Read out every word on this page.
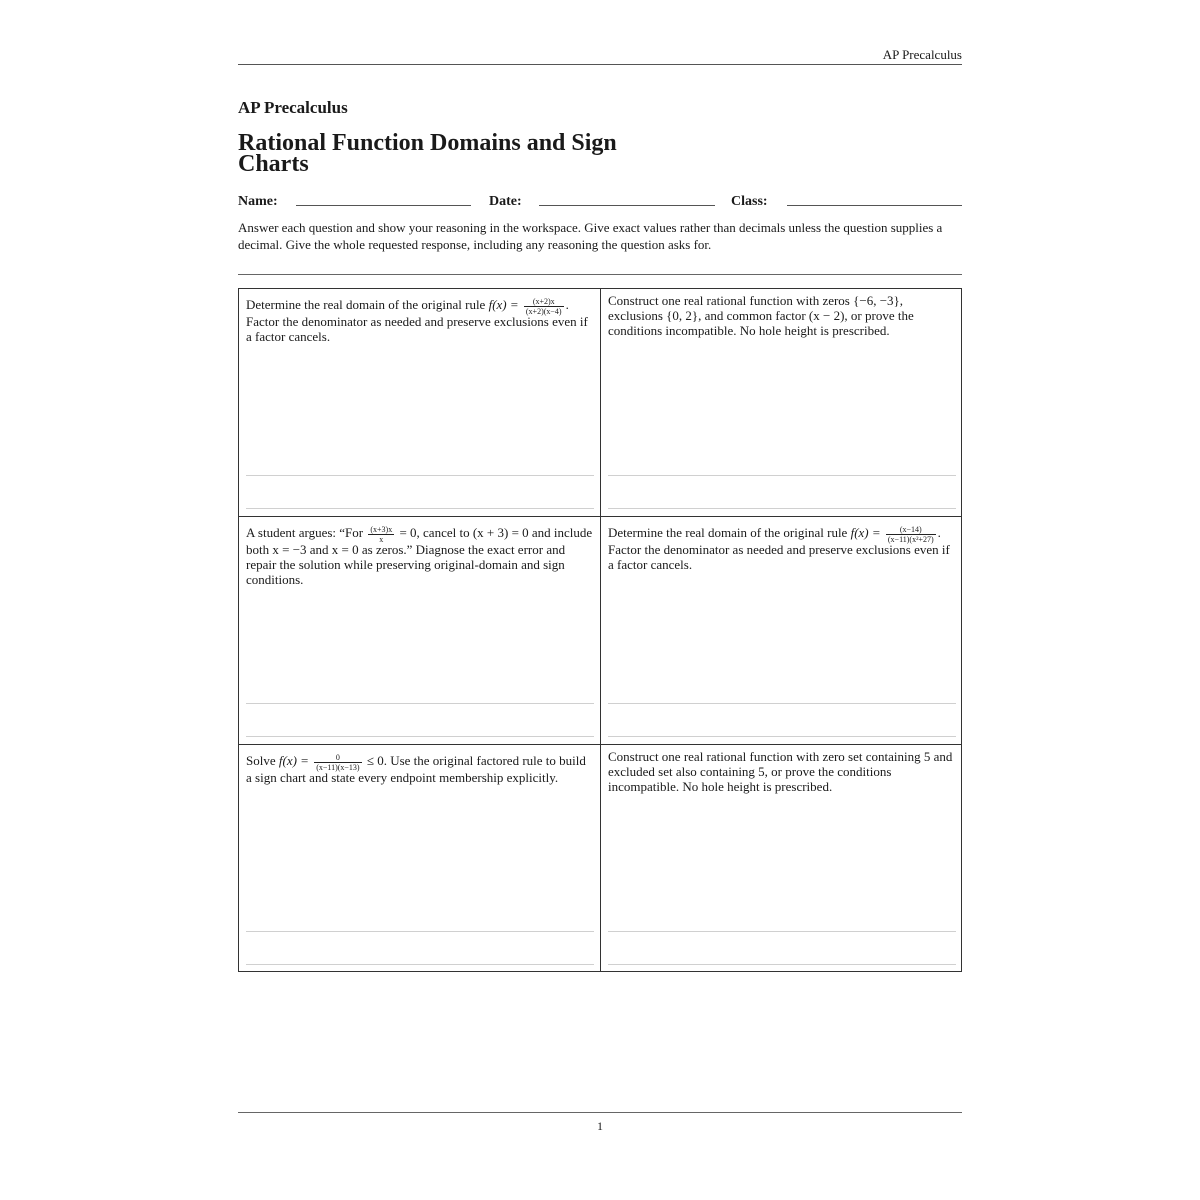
AP Precalculus
AP Precalculus
Rational Function Domains and Sign Charts
Name:	Date:	Class:
Answer each question and show your reasoning in the workspace. Give exact values rather than decimals unless the question supplies a decimal. Give the whole requested response, including any reasoning the question asks for.
Determine the real domain of the original rule $f(x) = \frac{(x+2)x}{(x+2)(x-4)}$ .
Factor the denominator as needed and preserve exclusions even if a factor cancels.
Construct one real rational function with zeros {−6, −3}, exclusions {0, 2}, and common factor (x − 2), or prove the conditions incompatible. No hole height is prescribed.
A student argues: “For $\frac{(x+3)x}{x} = 0$, cancel to (x + 3) = 0 and include
both x = −3 and x = 0 as zeros.” Diagnose the exact error and repair the solution while preserving original-domain and sign conditions.
Determine the real domain of the original rule $f(x) = \frac{(x-14)}{\text{(x−11)(x²+27)}}$ .
Factor the denominator as needed and preserve exclusions even if a factor cancels.
Solve $f(x) = \frac{0}{(x-11)(x-13)} \le 0$. Use the original factored rule to build
a sign chart and state every endpoint membership explicitly.
Construct one real rational function with zero set containing 5 and excluded set also containing 5, or prove the conditions incompatible. No hole height is prescribed.
1
